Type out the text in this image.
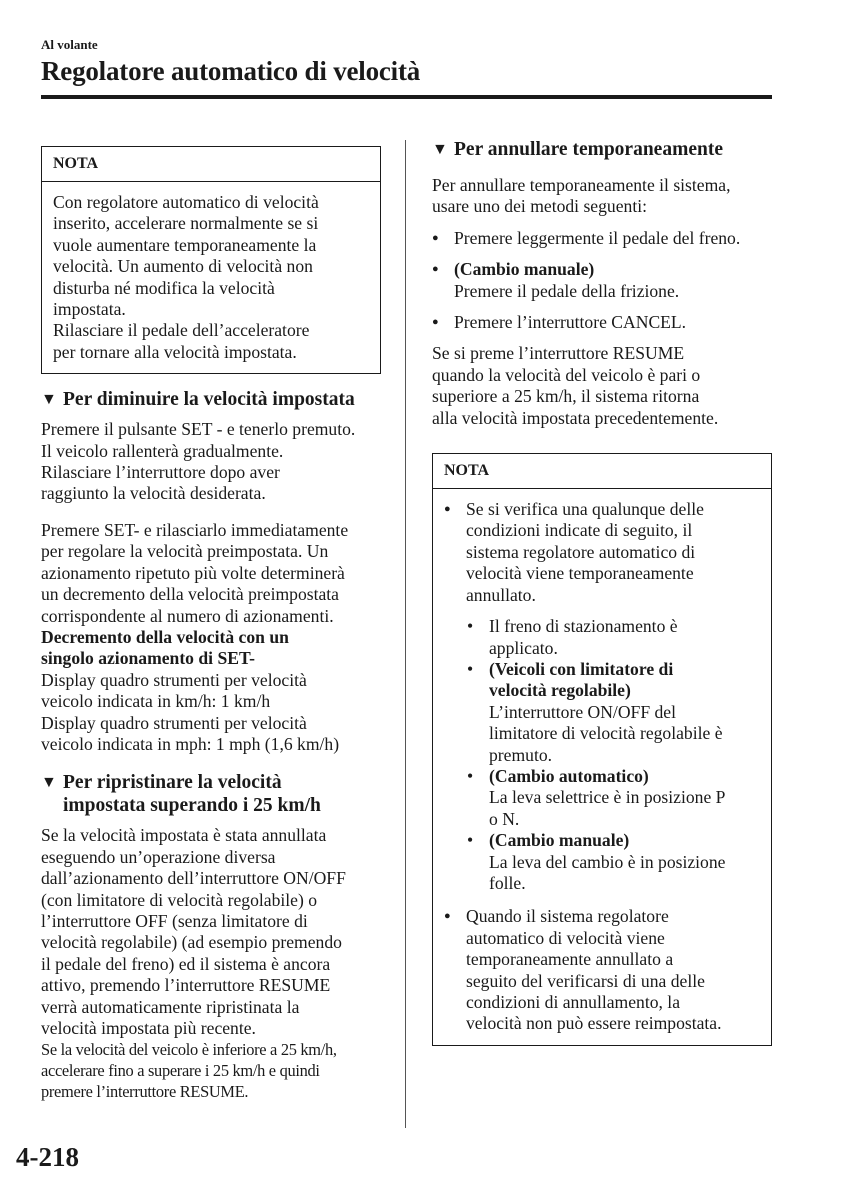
Al volante
Regolatore automatico di velocità
NOTA

Con regolatore automatico di velocità

inserito, accelerare normalmente se si

vuole aumentare temporaneamente la

velocità. Un aumento di velocità non

disturba né modifica la velocità

impostata.

Rilasciare il pedale dell’acceleratore

per tornare alla velocità impostata.

▼ Per diminuire la velocità impostata

Premere il pulsante SET - e tenerlo premuto.

Il veicolo rallenterà gradualmente.

Rilasciare l’interruttore dopo aver

raggiunto la velocità desiderata.

Premere SET- e rilasciarlo immediatamente

per regolare la velocità preimpostata. Un

azionamento ripetuto più volte determinerà

un decremento della velocità preimpostata

corrispondente al numero di azionamenti.

Decremento della velocità con un

singolo azionamento di SET-

Display quadro strumenti per velocità

veicolo indicata in km/h: 1 km/h

Display quadro strumenti per velocità

veicolo indicata in mph: 1 mph (1,6 km/h)

▼ Per ripristinare la velocità
impostata superando i 25 km/h

Se la velocità impostata è stata annullata

eseguendo un’operazione diversa

dall’azionamento dell’interruttore ON/OFF

(con limitatore di velocità regolabile) o

l’interruttore OFF (senza limitatore di

velocità regolabile) (ad esempio premendo

il pedale del freno) ed il sistema è ancora

attivo, premendo l’interruttore RESUME

verrà automaticamente ripristinata la

velocità impostata più recente.

Se la velocità del veicolo è inferiore a 25 km/h,

accelerare fino a superare i 25 km/h e quindi

premere l’interruttore RESUME.

▼ Per annullare temporaneamente

Per annullare temporaneamente il sistema,

usare uno dei metodi seguenti:

● Premere leggermente il pedale del freno.
● (Cambio manuale)
Premere il pedale della frizione.
● Premere l’interruttore CANCEL.

Se si preme l’interruttore RESUME

quando la velocità del veicolo è pari o

superiore a 25 km/h, il sistema ritorna

alla velocità impostata precedentemente.

NOTA
● Se si verifica una qualunque delle

condizioni indicate di seguito, il

sistema regolatore automatico di

velocità viene temporaneamente

annullato.

• Il freno di stazionamento è

applicato.

• (Veicoli con limitatore di

velocità regolabile)

L’interruttore ON/OFF del

limitatore di velocità regolabile è

premuto.

• (Cambio automatico)

La leva selettrice è in posizione P

o N.

• (Cambio manuale)

La leva del cambio è in posizione

folle.

● Quando il sistema regolatore

automatico di velocità viene

temporaneamente annullato a

seguito del verificarsi di una delle

condizioni di annullamento, la

velocità non può essere reimpostata.

4-218
